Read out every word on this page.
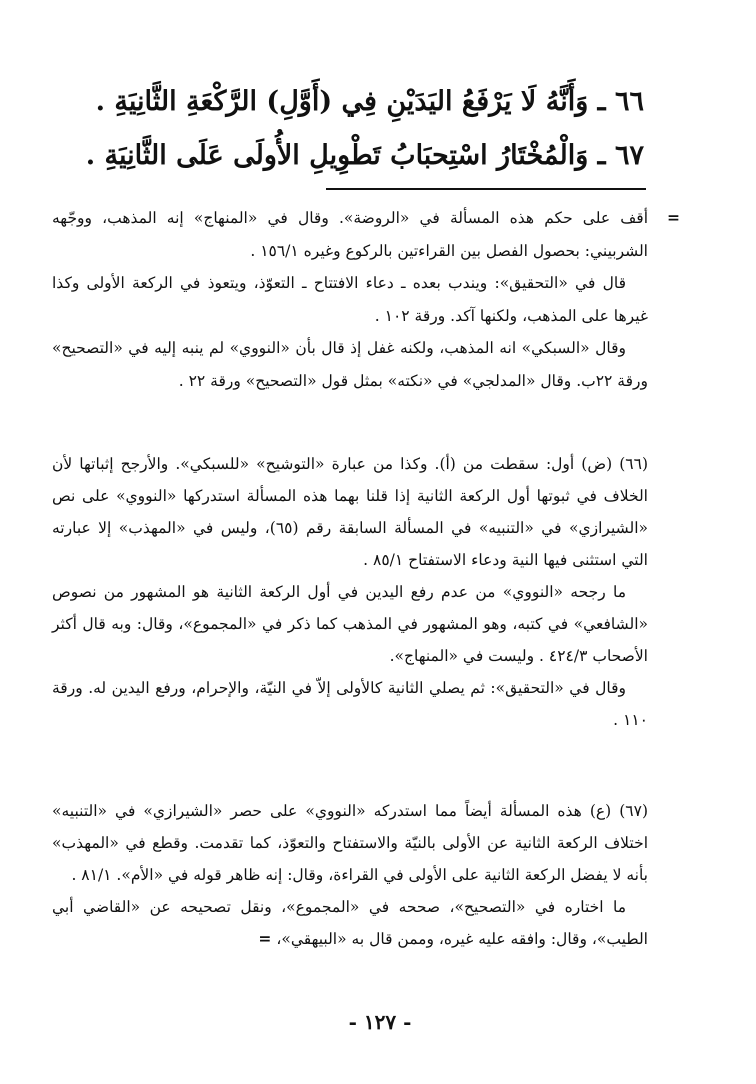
٦٦ ـ وَأَنَّهُ لَا يَرْفَعُ اليَدَيْنِ فِي (أَوَّلِ) الرَّكْعَةِ الثَّانِيَةِ .
٦٧ ـ وَالْمُخْتَارُ اسْتِحبَابُ تَطْوِيلِ الأُولَى عَلَى الثَّانِيَةِ .
=

أقف على حكم هذه المسألة في «الروضة». وقال في «المنهاج» إنه المذهب، ووجّهه الشربيني: بحصول الفصل بين القراءتين بالركوع وغيره ١٥٦/١ .

قال في «التحقيق»: ويندب بعده ـ دعاء الافتتاح ـ التعوّذ، ويتعوذ في الركعة الأولى وكذا غيرها على المذهب، ولكنها آكد. ورقة ١٠٢ .

وقال «السبكي» انه المذهب، ولكنه غفل إذ قال بأن «النووي» لم ينبه إليه في «التصحيح» ورقة ٢٢ب. وقال «المدلجي» في «نكته» بمثل قول «التصحيح» ورقة ٢٢ .

(٦٦) (ض) أول: سقطت من (أ). وكذا من عبارة «التوشيح» «للسبكي». والأرجح إثباتها لأن الخلاف في ثبوتها أول الركعة الثانية إذا قلنا بهما هذه المسألة استدركها «النووي» على نص «الشيرازي» في «التنبيه» في المسألة السابقة رقم (٦٥)، وليس في «المهذب» إلا عبارته التي استثنى فيها النية ودعاء الاستفتاح ٨٥/١ .

ما رجحه «النووي» من عدم رفع اليدين في أول الركعة الثانية هو المشهور من نصوص «الشافعي» في كتبه، وهو المشهور في المذهب كما ذكر في «المجموع»، وقال: وبه قال أكثر الأصحاب ٤٢٤/٣ . وليست في «المنهاج».

وقال في «التحقيق»: ثم يصلي الثانية كالأولى إلاّ في النيّة، والإحرام، ورفع اليدين له. ورقة ١١٠ .

(٦٧) (ع) هذه المسألة أيضاً مما استدركه «النووي» على حصر «الشيرازي» في «التنبيه» اختلاف الركعة الثانية عن الأولى بالنيّة والاستفتاح والتعوّذ، كما تقدمت. وقطع في «المهذب» بأنه لا يفضل الركعة الثانية على الأولى في القراءة، وقال: إنه ظاهر قوله في «الأم». ٨١/١ .

ما اختاره في «التصحيح»، صححه في «المجموع»، ونقل تصحيحه عن «القاضي أبي الطيب»، وقال: وافقه عليه غيره، وممن قال به «البيهقي»، =

- ١٢٧ -
